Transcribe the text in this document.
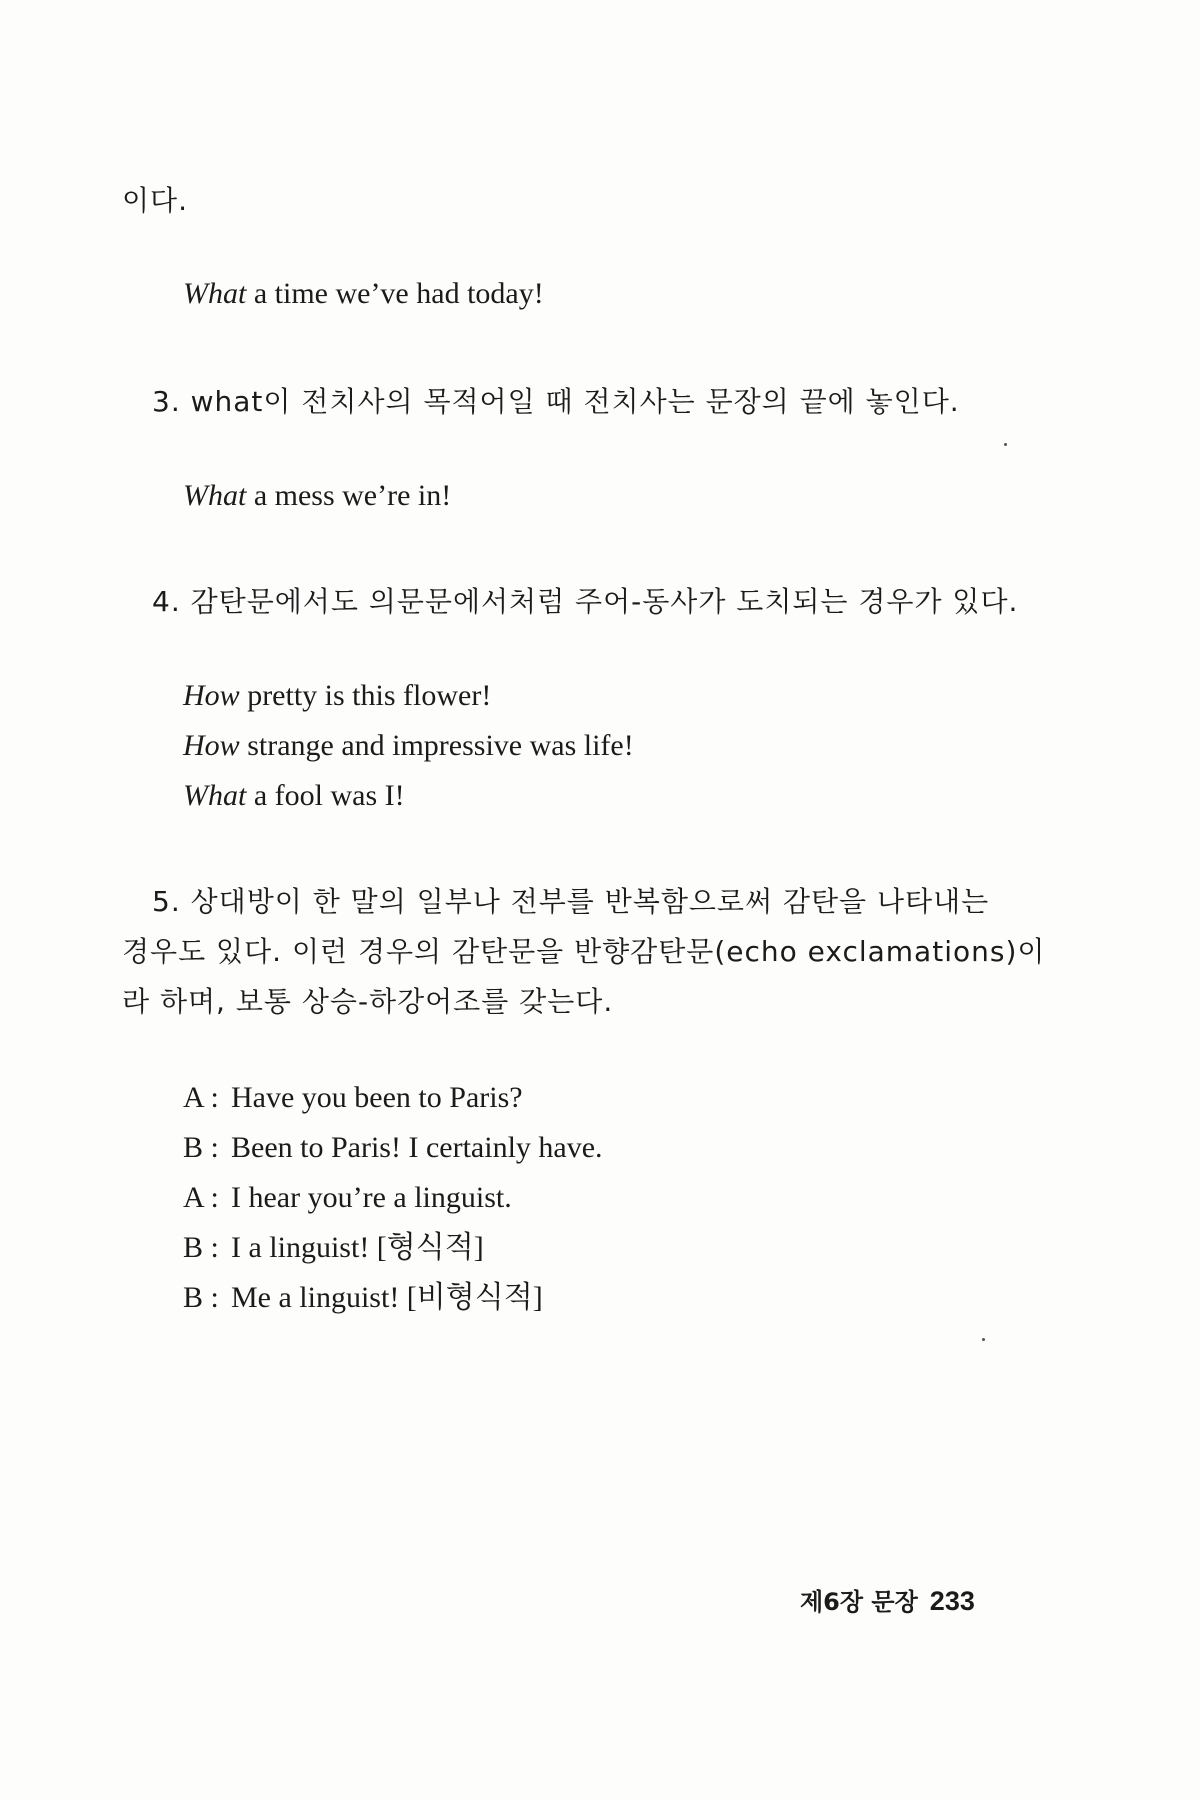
이다.
What a time we’ve had today!
3. what이 전치사의 목적어일 때 전치사는 문장의 끝에 놓인다.
What a mess we’re in!
4. 감탄문에서도 의문문에서처럼 주어-동사가 도치되는 경우가 있다.
How pretty is this flower!
How strange and impressive was life!
What a fool was I!
5. 상대방이 한 말의 일부나 전부를 반복함으로써 감탄을 나타내는
경우도 있다. 이런 경우의 감탄문을 반향감탄문(echo exclamations)이
라 하며, 보통 상승-하강어조를 갖는다.
A : Have you been to Paris?
B : Been to Paris! I certainly have.
A : I hear you’re a linguist.
B : I a linguist! [형식적]
B : Me a linguist! [비형식적]
제6장 문장 233
